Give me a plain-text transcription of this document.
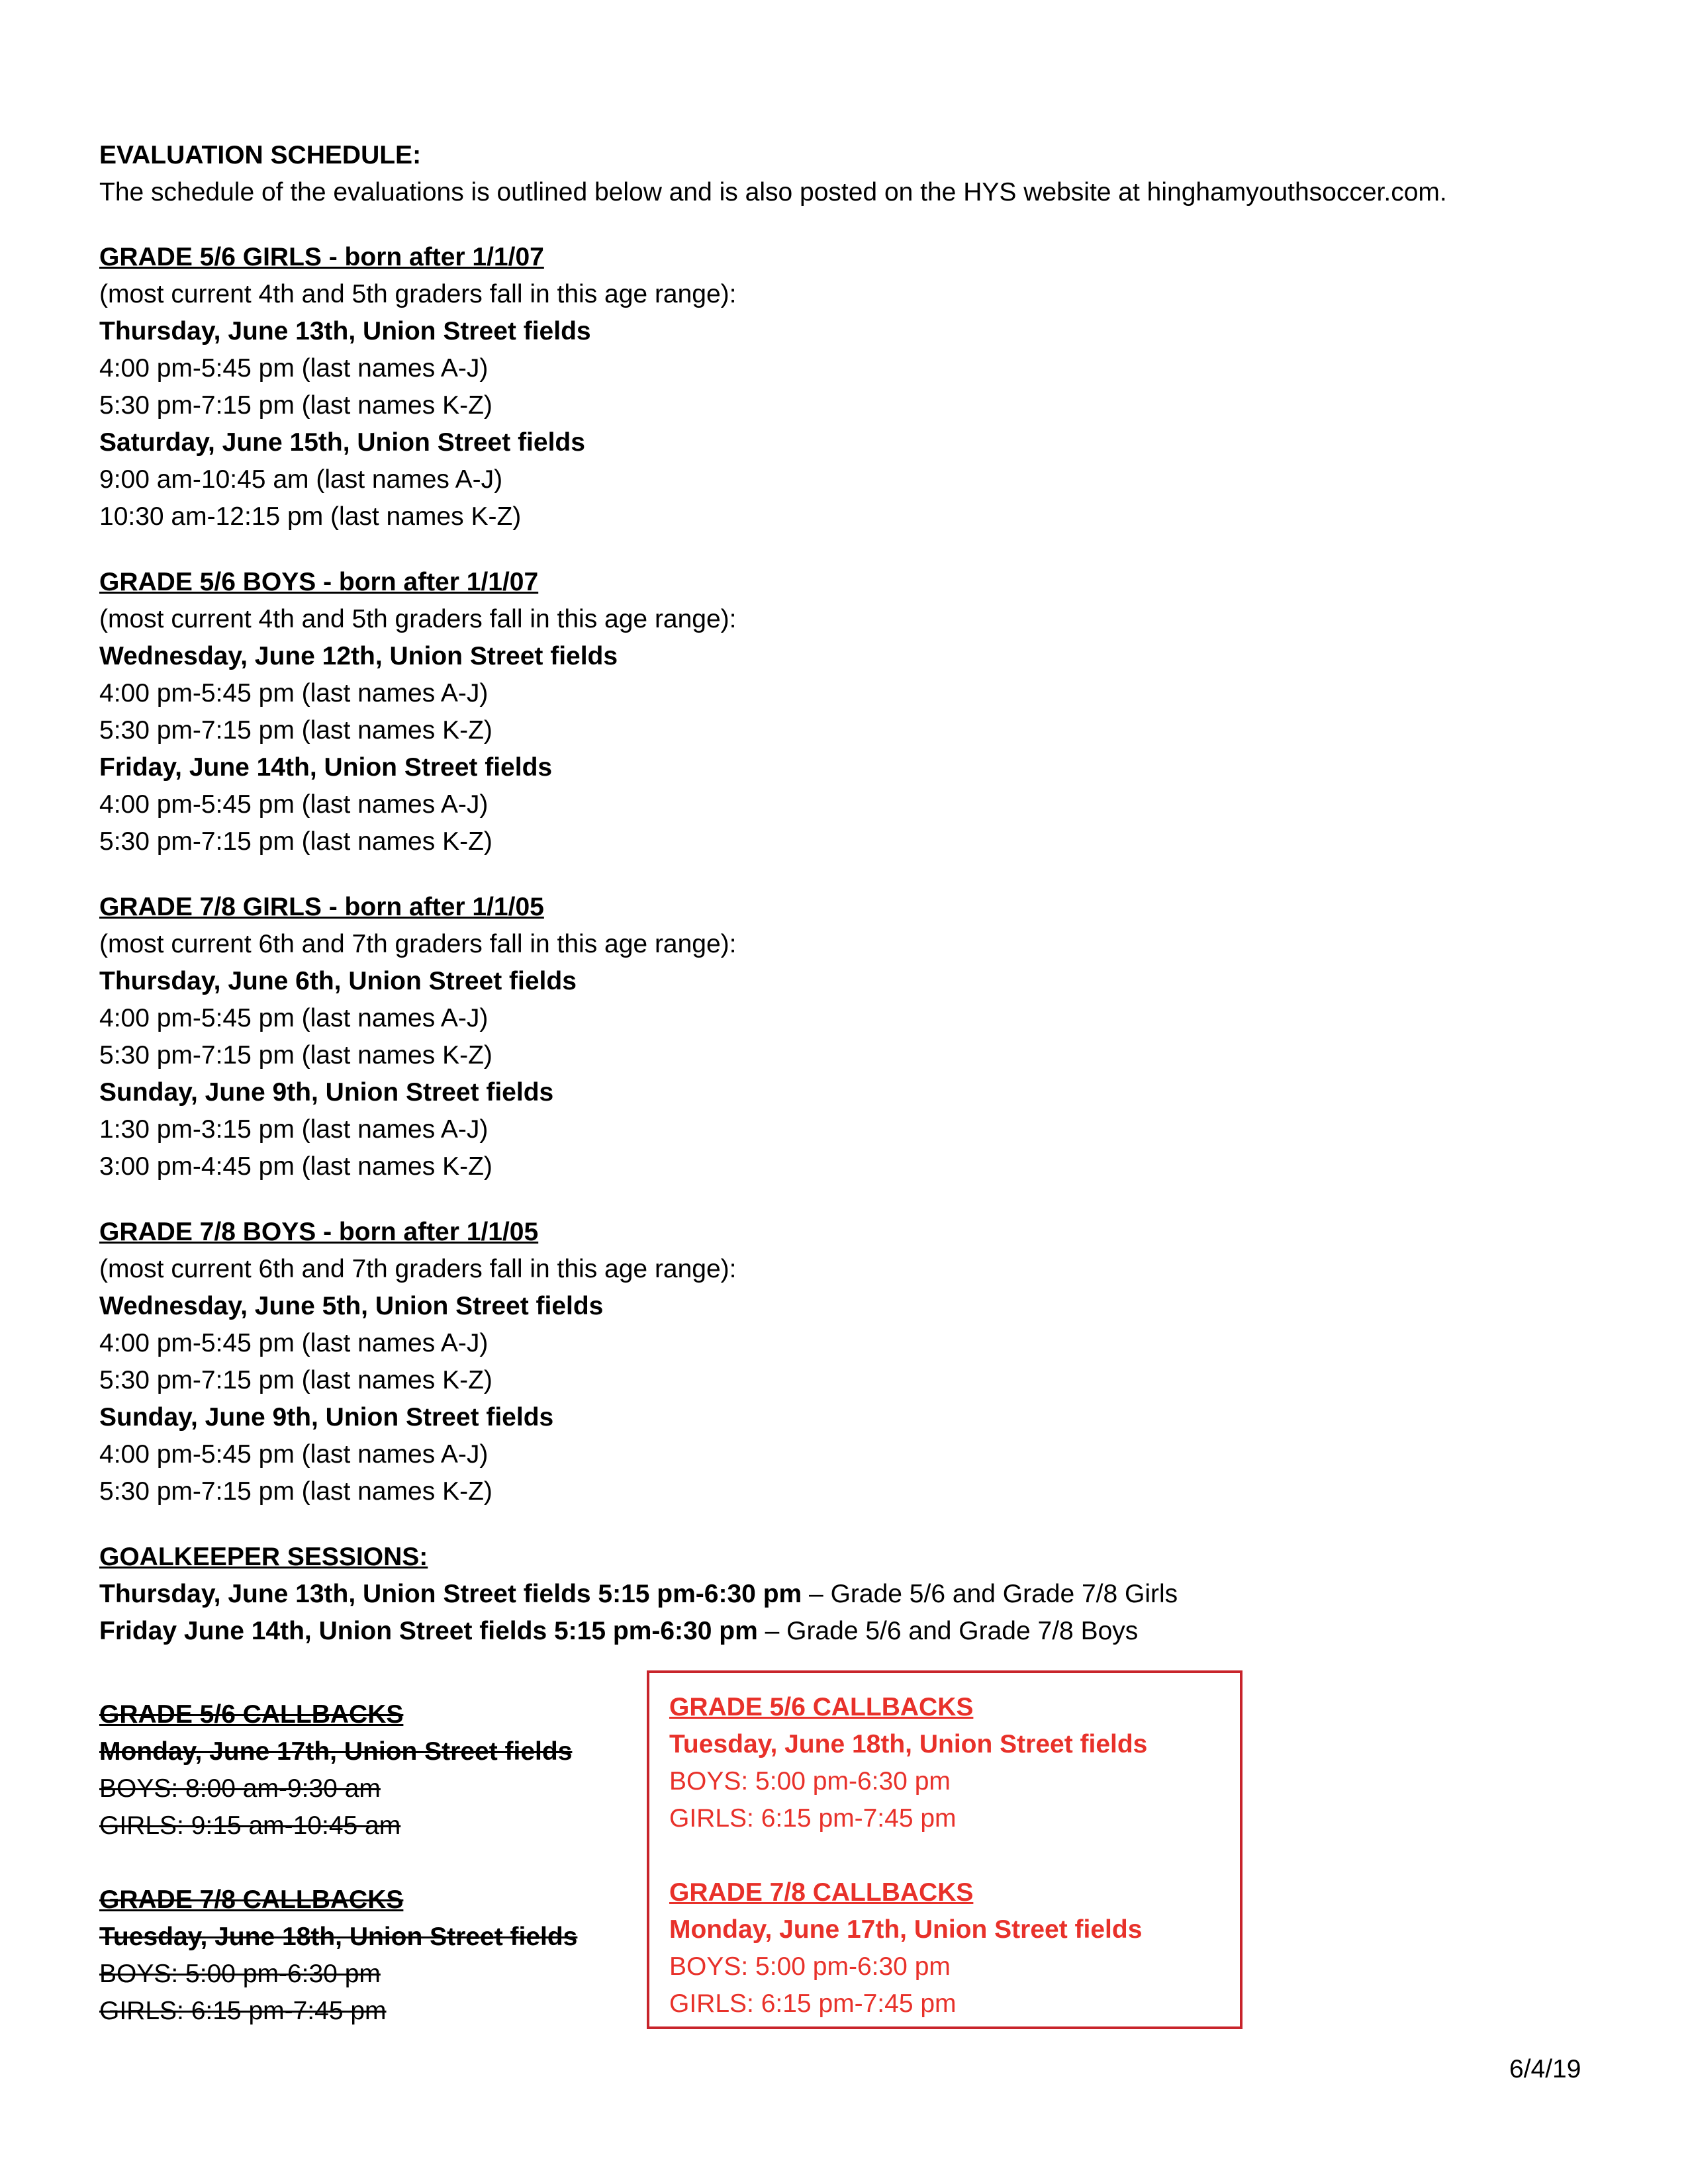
EVALUATION SCHEDULE:
The schedule of the evaluations is outlined below and is also posted on the HYS website at hinghamyouthsoccer.com.
GRADE 5/6 GIRLS - born after 1/1/07
(most current 4th and 5th graders fall in this age range):
Thursday, June 13th, Union Street fields
4:00 pm-5:45 pm (last names A-J)
5:30 pm-7:15 pm (last names K-Z)
Saturday, June 15th, Union Street fields
9:00 am-10:45 am (last names A-J)
10:30 am-12:15 pm (last names K-Z)
GRADE 5/6 BOYS - born after 1/1/07
(most current 4th and 5th graders fall in this age range):
Wednesday, June 12th, Union Street fields
4:00 pm-5:45 pm (last names A-J)
5:30 pm-7:15 pm (last names K-Z)
Friday, June 14th, Union Street fields
4:00 pm-5:45 pm (last names A-J)
5:30 pm-7:15 pm (last names K-Z)
GRADE 7/8 GIRLS - born after 1/1/05
(most current 6th and 7th graders fall in this age range):
Thursday, June 6th, Union Street fields
4:00 pm-5:45 pm (last names A-J)
5:30 pm-7:15 pm (last names K-Z)
Sunday, June 9th, Union Street fields
1:30 pm-3:15 pm (last names A-J)
3:00 pm-4:45 pm (last names K-Z)
GRADE 7/8 BOYS - born after 1/1/05
(most current 6th and 7th graders fall in this age range):
Wednesday, June 5th, Union Street fields
4:00 pm-5:45 pm (last names A-J)
5:30 pm-7:15 pm (last names K-Z)
Sunday, June 9th, Union Street fields
4:00 pm-5:45 pm (last names A-J)
5:30 pm-7:15 pm (last names K-Z)
GOALKEEPER SESSIONS:
Thursday, June 13th, Union Street fields 5:15 pm-6:30 pm – Grade 5/6 and Grade 7/8 Girls
Friday June 14th, Union Street fields 5:15 pm-6:30 pm – Grade 5/6 and Grade 7/8 Boys
GRADE 5/6 CALLBACKS
Monday, June 17th, Union Street fields
BOYS: 8:00 am-9:30 am
GIRLS: 9:15 am-10:45 am
GRADE 7/8 CALLBACKS
Tuesday, June 18th, Union Street fields
BOYS: 5:00 pm-6:30 pm
GIRLS: 6:15 pm-7:45 pm
GRADE 5/6 CALLBACKS
Tuesday, June 18th, Union Street fields
BOYS: 5:00 pm-6:30 pm
GIRLS: 6:15 pm-7:45 pm
GRADE 7/8 CALLBACKS
Monday, June 17th, Union Street fields
BOYS: 5:00 pm-6:30 pm
GIRLS: 6:15 pm-7:45 pm
6/4/19
